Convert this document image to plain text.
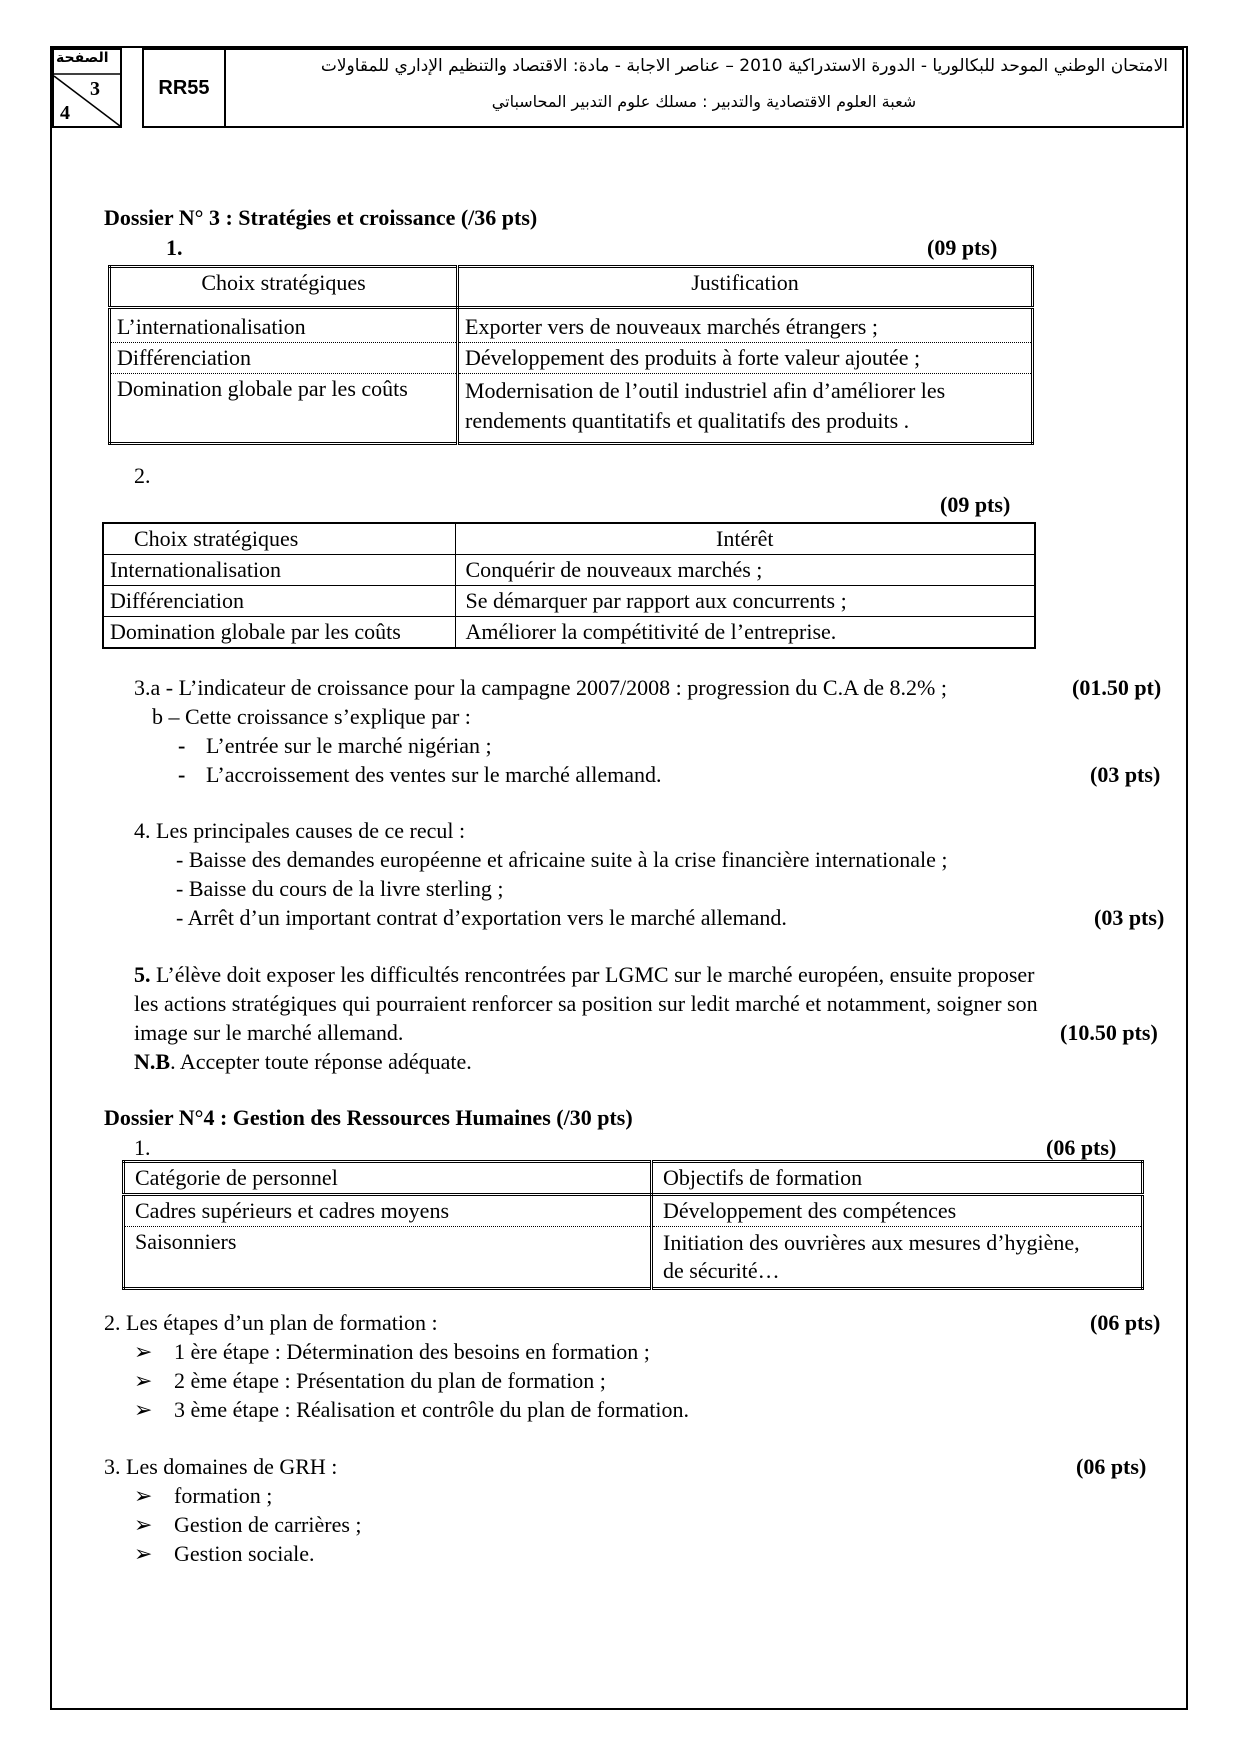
الصفحة
3
4
RR55
الامتحان الوطني الموحد للبكالوريا - الدورة الاستدراكية 2010 – عناصر الاجابة - مادة: الاقتصاد والتنظيم الإداري للمقاولات
شعبة العلوم الاقتصادية والتدبير : مسلك علوم التدبير المحاسباتي
Dossier N° 3 : Stratégies et croissance (/36 pts)
1.	(09 pts)
Choix stratégiques	Justification

L’internationalisation	Exporter vers de nouveaux marchés étrangers ;
Différenciation	Développement des produits à forte valeur ajoutée ;
Domination globale par les coûts	Modernisation de l’outil industriel afin d’améliorer les rendements quantitatifs et qualitatifs des produits .
2.
(09 pts)
Choix stratégiques	Intérêt
Internationalisation	Conquérir de nouveaux marchés ;
Différenciation	Se démarquer par rapport aux concurrents ;
Domination globale par les coûts	Améliorer la compétitivité de l’entreprise.
3.a - L’indicateur de croissance pour la campagne 2007/2008 : progression du C.A de 8.2% ;	(01.50 pt)
b – Cette croissance s’explique par :
- L’entrée sur le marché nigérian ;
- L’accroissement des ventes sur le marché allemand.	(03 pts)
4. Les principales causes de ce recul :
- Baisse des demandes européenne et africaine suite à la crise financière internationale ;
- Baisse du cours de la livre sterling ;
- Arrêt d’un important contrat d’exportation vers le marché allemand.	(03 pts)
5. L’élève doit exposer les difficultés rencontrées par LGMC sur le marché européen, ensuite proposer
les actions stratégiques qui pourraient renforcer sa position sur ledit marché et notamment, soigner son
image sur le marché allemand.	(10.50 pts)
N.B. Accepter toute réponse adéquate.
Dossier N°4 : Gestion des Ressources Humaines (/30 pts)
1.	(06 pts)
Catégorie de personnel	Objectifs de formation
Cadres supérieurs et cadres moyens	Développement des compétences
Saisonniers	Initiation des ouvrières aux mesures d’hygiène, de sécurité…
2. Les étapes d’un plan de formation :	(06 pts)
➢ 1 ère étape : Détermination des besoins en formation ;
➢ 2 ème étape : Présentation du plan de formation ;
➢ 3 ème étape : Réalisation et contrôle du plan de formation.
3. Les domaines de GRH :	(06 pts)
➢ formation ;
➢ Gestion de carrières ;
➢ Gestion sociale.
